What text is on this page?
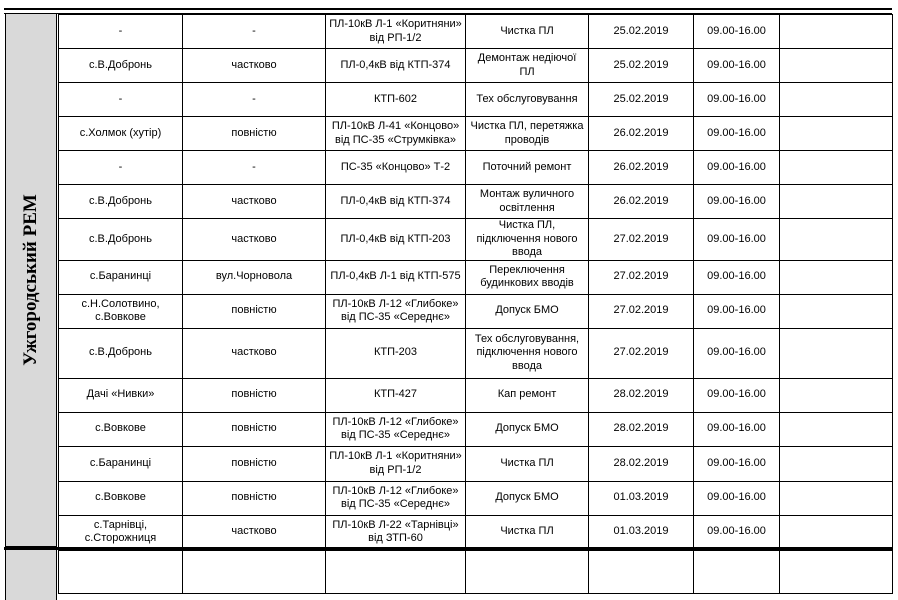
Ужгородський РЕМ
-	-	ПЛ-10кВ Л-1 «Коритняни» від РП-1/2	Чистка ПЛ	25.02.2019	09.00-16.00	
с.В.Добронь	частково	ПЛ-0,4кВ від КТП-374	Демонтаж недіючої ПЛ	25.02.2019	09.00-16.00	
-	-	КТП-602	Тех обслуговування	25.02.2019	09.00-16.00	
с.Холмок (хутір)	повністю	ПЛ-10кВ Л-41 «Концово» від ПС-35 «Струмківка»	Чистка ПЛ, перетяжка проводів	26.02.2019	09.00-16.00	
-	-	ПС-35 «Концово» Т-2	Поточний ремонт	26.02.2019	09.00-16.00	
с.В.Добронь	частково	ПЛ-0,4кВ від КТП-374	Монтаж вуличного освітлення	26.02.2019	09.00-16.00	
с.В.Добронь	частково	ПЛ-0,4кВ від КТП-203	Чистка ПЛ, підключення нового ввода	27.02.2019	09.00-16.00	
с.Баранинці	вул.Чорновола	ПЛ-0,4кВ Л-1 від КТП-575	Переключення будинкових вводів	27.02.2019	09.00-16.00	
с.Н.Солотвино, с.Вовкове	повністю	ПЛ-10кВ Л-12 «Глибоке» від ПС-35 «Середнє»	Допуск БМО	27.02.2019	09.00-16.00	
с.В.Добронь	частково	КТП-203	Тех обслуговування, підключення нового ввода	27.02.2019	09.00-16.00	
Дачі «Нивки»	повністю	КТП-427	Кап ремонт	28.02.2019	09.00-16.00	
с.Вовкове	повністю	ПЛ-10кВ Л-12 «Глибоке» від ПС-35 «Середнє»	Допуск БМО	28.02.2019	09.00-16.00	
с.Баранинці	повністю	ПЛ-10кВ Л-1 «Коритняни» від РП-1/2	Чистка ПЛ	28.02.2019	09.00-16.00	
с.Вовкове	повністю	ПЛ-10кВ Л-12 «Глибоке» від ПС-35 «Середнє»	Допуск БМО	01.03.2019	09.00-16.00	
с.Тарнівці, с.Сторожниця	частково	ПЛ-10кВ Л-22 «Тарнівці» від ЗТП-60	Чистка ПЛ	01.03.2019	09.00-16.00	
